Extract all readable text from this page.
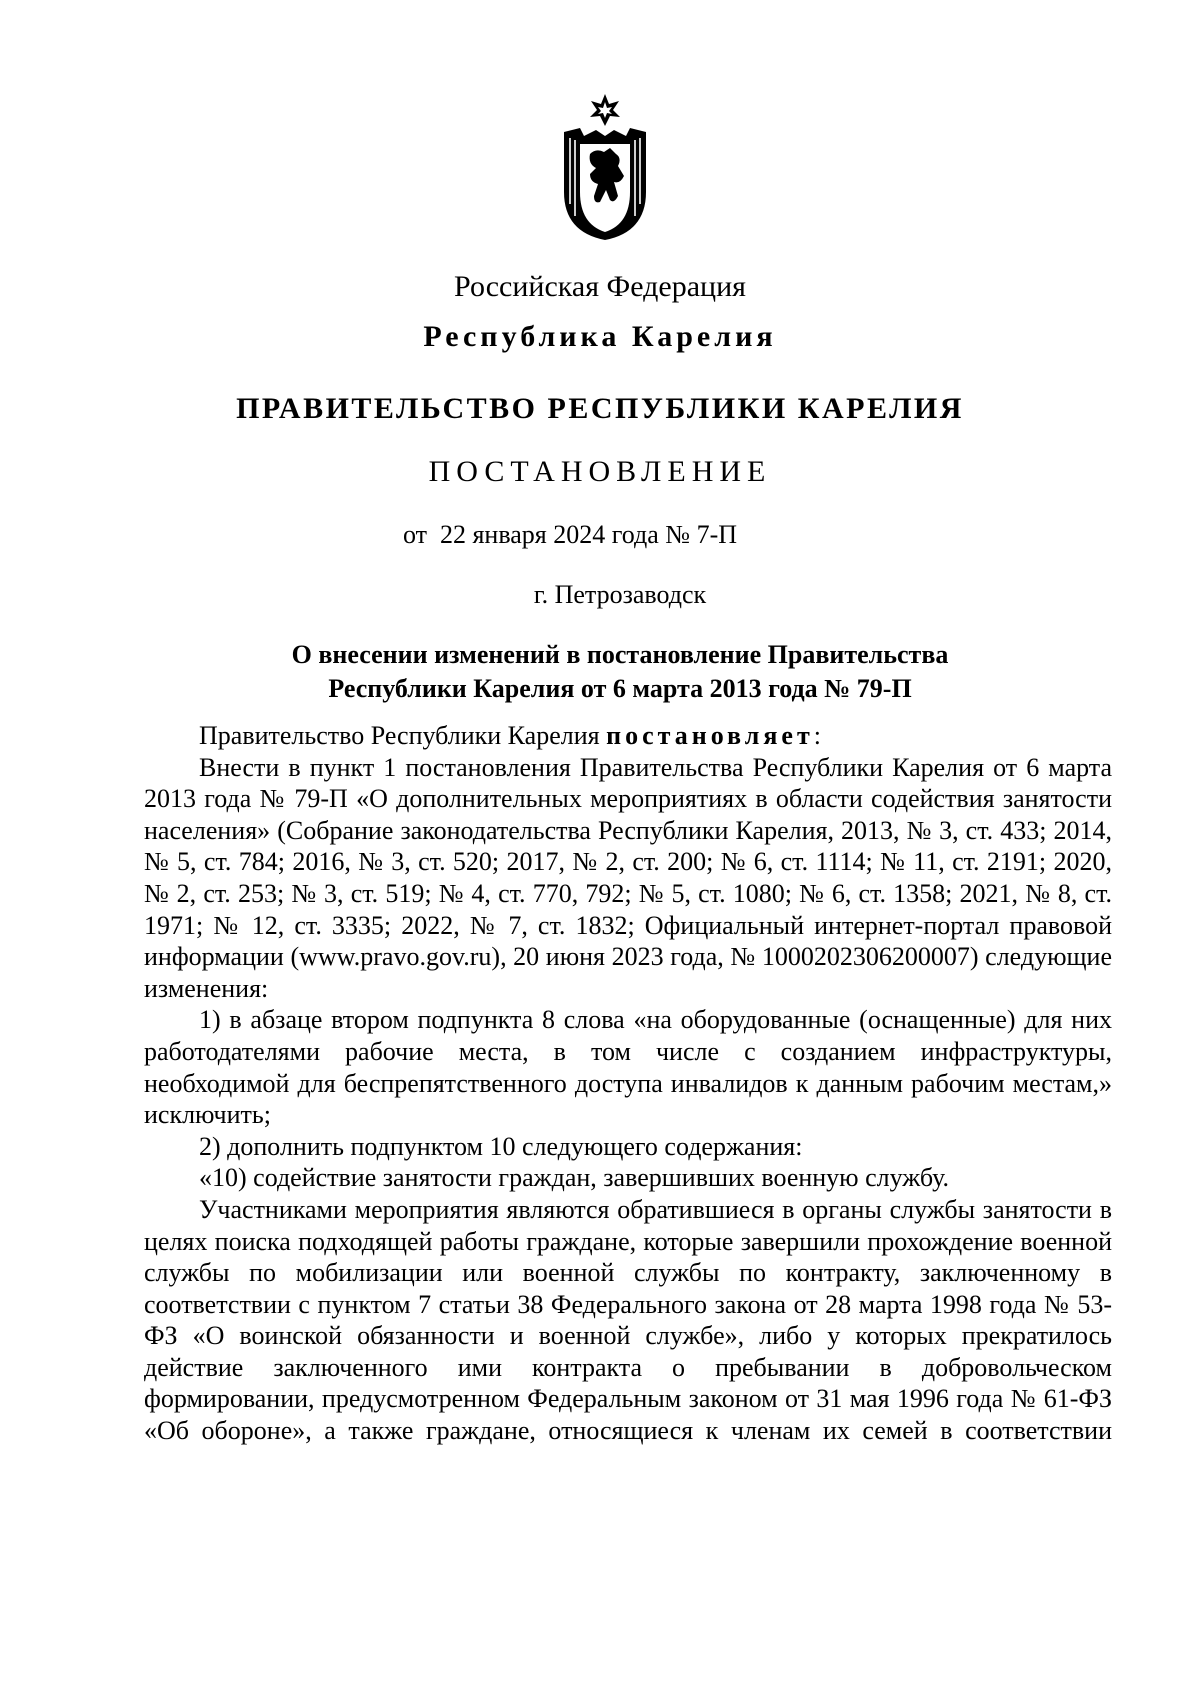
Российская Федерация
Республика Карелия
ПРАВИТЕЛЬСТВО РЕСПУБЛИКИ КАРЕЛИЯ
ПОСТАНОВЛЕНИЕ
от  22 января 2024 года № 7-П
г. Петрозаводск
О внесении изменений в постановление Правительства
Республики Карелия от 6 марта 2013 года № 79-П

Правительство Республики Карелия постановляет:

Внести в пункт 1 постановления Правительства Республики Карелия от 6 марта 2013 года № 79-П «О дополнительных мероприятиях в области содействия занятости населения» (Собрание законодательства Республики Карелия, 2013, № 3, ст. 433; 2014, № 5, ст. 784; 2016, № 3, ст. 520; 2017, № 2, ст. 200; № 6, ст. 1114; № 11, ст. 2191; 2020, № 2, ст. 253; № 3, ст. 519; № 4, ст. 770, 792; № 5, ст. 1080; № 6, ст. 1358; 2021, № 8, ст. 1971; № 12, ст. 3335; 2022, № 7, ст. 1832; Официальный интернет-портал правовой информации (www.pravo.gov.ru), 20 июня 2023 года, № 1000202306200007) следующие изменения:

1) в абзаце втором подпункта 8 слова «на оборудованные (оснащенные) для них работодателями рабочие места, в том числе с созданием инфраструктуры, необходимой для беспрепятственного доступа инвалидов к данным рабочим местам,» исключить;

2) дополнить подпунктом 10 следующего содержания:

«10) содействие занятости граждан, завершивших военную службу.

Участниками мероприятия являются обратившиеся в органы службы занятости в целях поиска подходящей работы граждане, которые завершили прохождение военной службы по мобилизации или военной службы по контракту, заключенному в соответствии с пунктом 7 статьи 38 Федерального закона от 28 марта 1998 года № 53-ФЗ «О воинской обязанности и военной службе», либо у которых прекратилось действие заключенного ими контракта о пребывании в добровольческом формировании, предусмотренном Федеральным законом от 31 мая 1996 года № 61-ФЗ «Об обороне», а также граждане, относящиеся к членам их семей в соответствии
